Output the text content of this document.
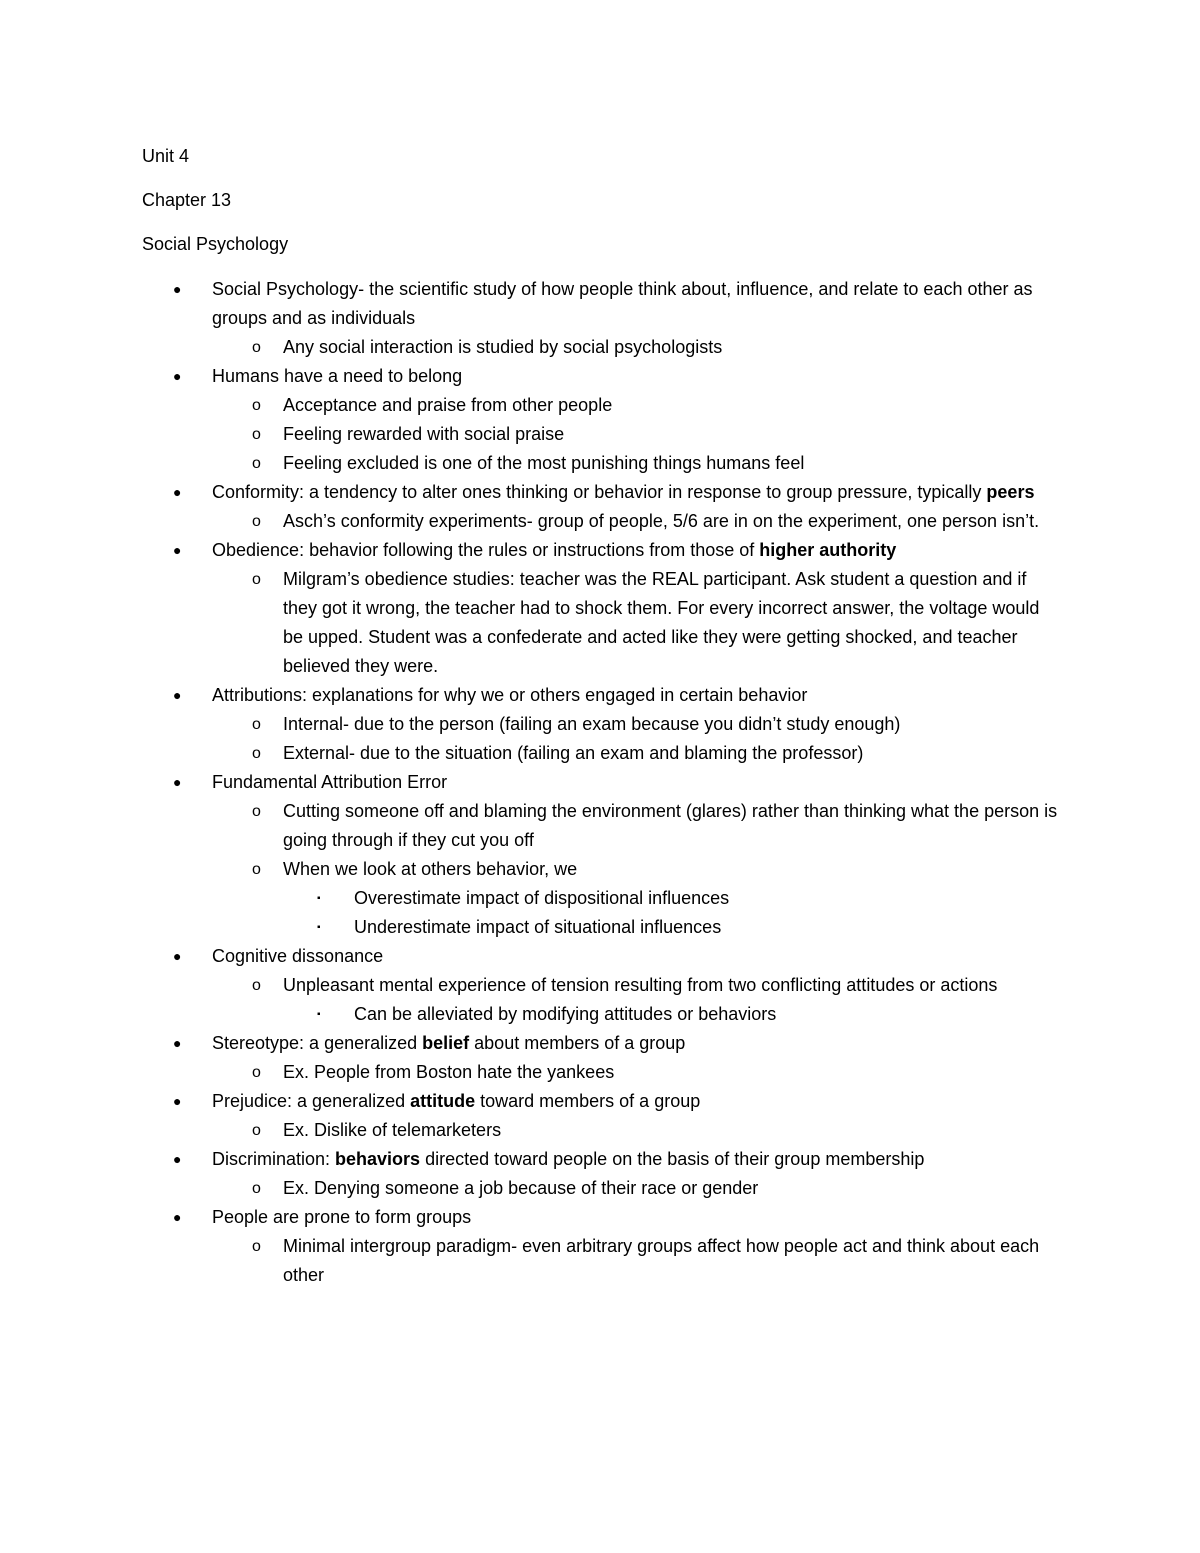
Unit 4
Chapter 13
Social Psychology
● Social Psychology- the scientific study of how people think about, influence, and relate to each other as groups and as individuals
o Any social interaction is studied by social psychologists
● Humans have a need to belong
o Acceptance and praise from other people
o Feeling rewarded with social praise
o Feeling excluded is one of the most punishing things humans feel
● Conformity: a tendency to alter ones thinking or behavior in response to group pressure, typically peers
o Asch’s conformity experiments- group of people, 5/6 are in on the experiment, one person isn’t.
● Obedience: behavior following the rules or instructions from those of higher authority
o Milgram’s obedience studies: teacher was the REAL participant. Ask student a question and if they got it wrong, the teacher had to shock them. For every incorrect answer, the voltage would be upped. Student was a confederate and acted like they were getting shocked, and teacher believed they were.
● Attributions: explanations for why we or others engaged in certain behavior
o Internal- due to the person (failing an exam because you didn’t study enough)
o External- due to the situation (failing an exam and blaming the professor)
● Fundamental Attribution Error
o Cutting someone off and blaming the environment (glares) rather than thinking what the person is going through if they cut you off
o When we look at others behavior, we
▪ Overestimate impact of dispositional influences
▪ Underestimate impact of situational influences
● Cognitive dissonance
o Unpleasant mental experience of tension resulting from two conflicting attitudes or actions
▪ Can be alleviated by modifying attitudes or behaviors
● Stereotype: a generalized belief about members of a group
o Ex. People from Boston hate the yankees
● Prejudice: a generalized attitude toward members of a group
o Ex. Dislike of telemarketers
● Discrimination: behaviors directed toward people on the basis of their group membership
o Ex. Denying someone a job because of their race or gender
● People are prone to form groups
o Minimal intergroup paradigm- even arbitrary groups affect how people act and think about each other
